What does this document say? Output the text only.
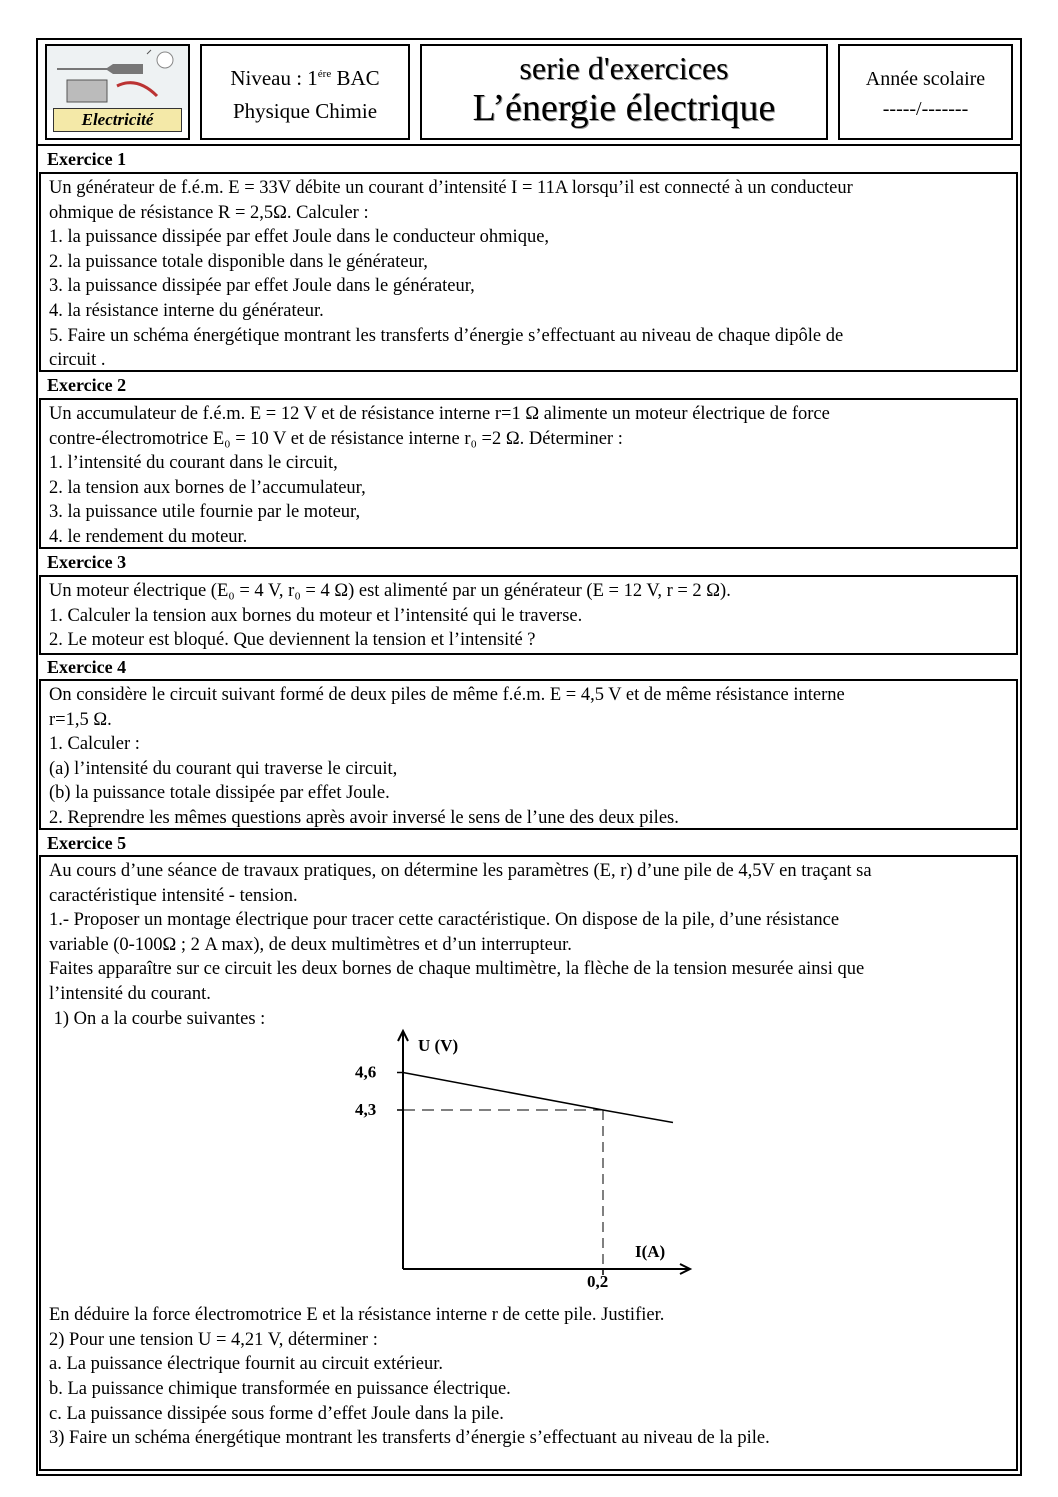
Electricité
Niveau : $1^{ére}$ BAC
Physique Chimie
serie d'exercices
L’énergie électrique
Année scolaire
-----/-------
Exercice 1

Un générateur de f.é.m. E = 33V débite un courant d’intensité I = 11A lorsqu’il est connecté à un conducteur

ohmique de résistance R = 2,5Ω. Calculer :

1. la puissance dissipée par effet Joule dans le conducteur ohmique,

2. la puissance totale disponible dans le générateur,

3. la puissance dissipée par effet Joule dans le générateur,

4. la résistance interne du générateur.

5. Faire un schéma énergétique montrant les transferts d’énergie s’effectuant au niveau de chaque dipôle de

circuit .

Exercice 2

Un accumulateur de f.é.m. E = 12 V et de résistance interne r=1 Ω alimente un moteur électrique de force

contre-électromotrice E₀ = 10 V et de résistance interne r₀ =2 Ω. Déterminer :

1. l’intensité du courant dans le circuit,

2. la tension aux bornes de l’accumulateur,

3. la puissance utile fournie par le moteur,

4. le rendement du moteur.

Exercice 3

Un moteur électrique (E₀ = 4 V, r₀ = 4 Ω) est alimenté par un générateur (E = 12 V, r = 2 Ω).

1. Calculer la tension aux bornes du moteur et l’intensité qui le traverse.

2. Le moteur est bloqué. Que deviennent la tension et l’intensité ?

Exercice 4

On considère le circuit suivant formé de deux piles de même f.é.m. E = 4,5 V et de même résistance interne

r=1,5 Ω.

1. Calculer :

(a) l’intensité du courant qui traverse le circuit,

(b) la puissance totale dissipée par effet Joule.

2. Reprendre les mêmes questions après avoir inversé le sens de l’une des deux piles.

Exercice 5

Au cours d’une séance de travaux pratiques, on détermine les paramètres (E, r) d’une pile de 4,5V en traçant sa

caractéristique intensité - tension.

1.- Proposer un montage électrique pour tracer cette caractéristique. On dispose de la pile, d’une résistance

variable (0-100Ω ; 2 A max), de deux multimètres et d’un interrupteur.

Faites apparaître sur ce circuit les deux bornes de chaque multimètre, la flèche de la tension mesurée ainsi que

l’intensité du courant.

1) On a la courbe suivantes :

En déduire la force électromotrice E et la résistance interne r de cette pile. Justifier.

2) Pour une tension U = 4,21 V, déterminer :

a. La puissance électrique fournit au circuit extérieur.

b. La puissance chimique transformée en puissance électrique.

c. La puissance dissipée sous forme d’effet Joule dans la pile.

3) Faire un schéma énergétique montrant les transferts d’énergie s’effectuant au niveau de la pile.

U (V)
I(A)
4,6
4,3
0,2
